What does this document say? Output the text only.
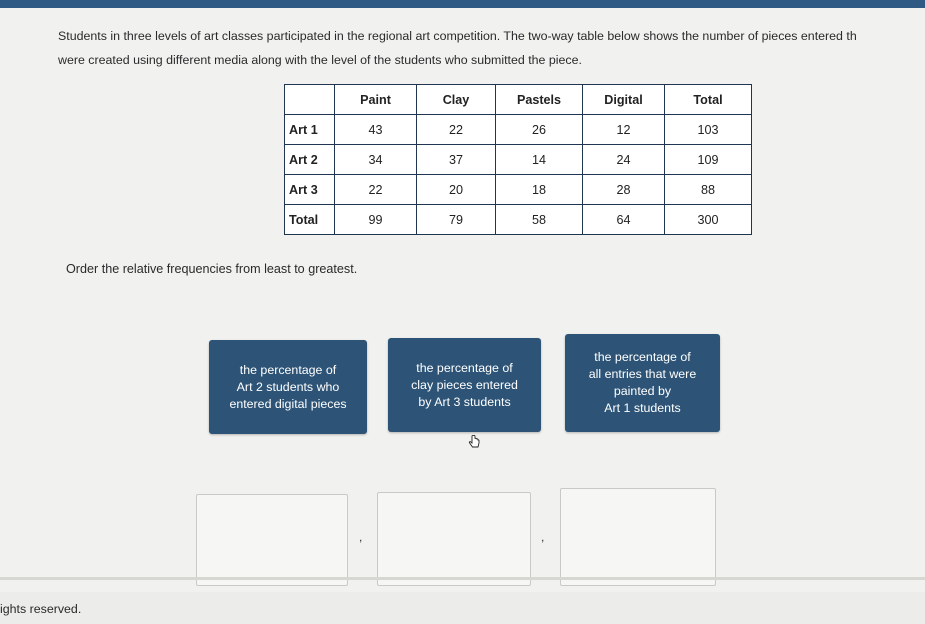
Students in three levels of art classes participated in the regional art competition. The two-way table below shows the number of pieces entered th

were created using different media along with the level of the students who submitted the piece.

	Paint	Clay	Pastels	Digital	Total
Art 1	43	22	26	12	103
Art 2	34	37	14	24	109
Art 3	22	20	18	28	88
Total	99	79	58	64	300
Order the relative frequencies from least to greatest.
the percentage of
Art 2 students who
entered digital pieces
the percentage of
clay pieces entered
by Art 3 students
the percentage of
all entries that were
painted by
Art 1 students
,	,
ights reserved.
